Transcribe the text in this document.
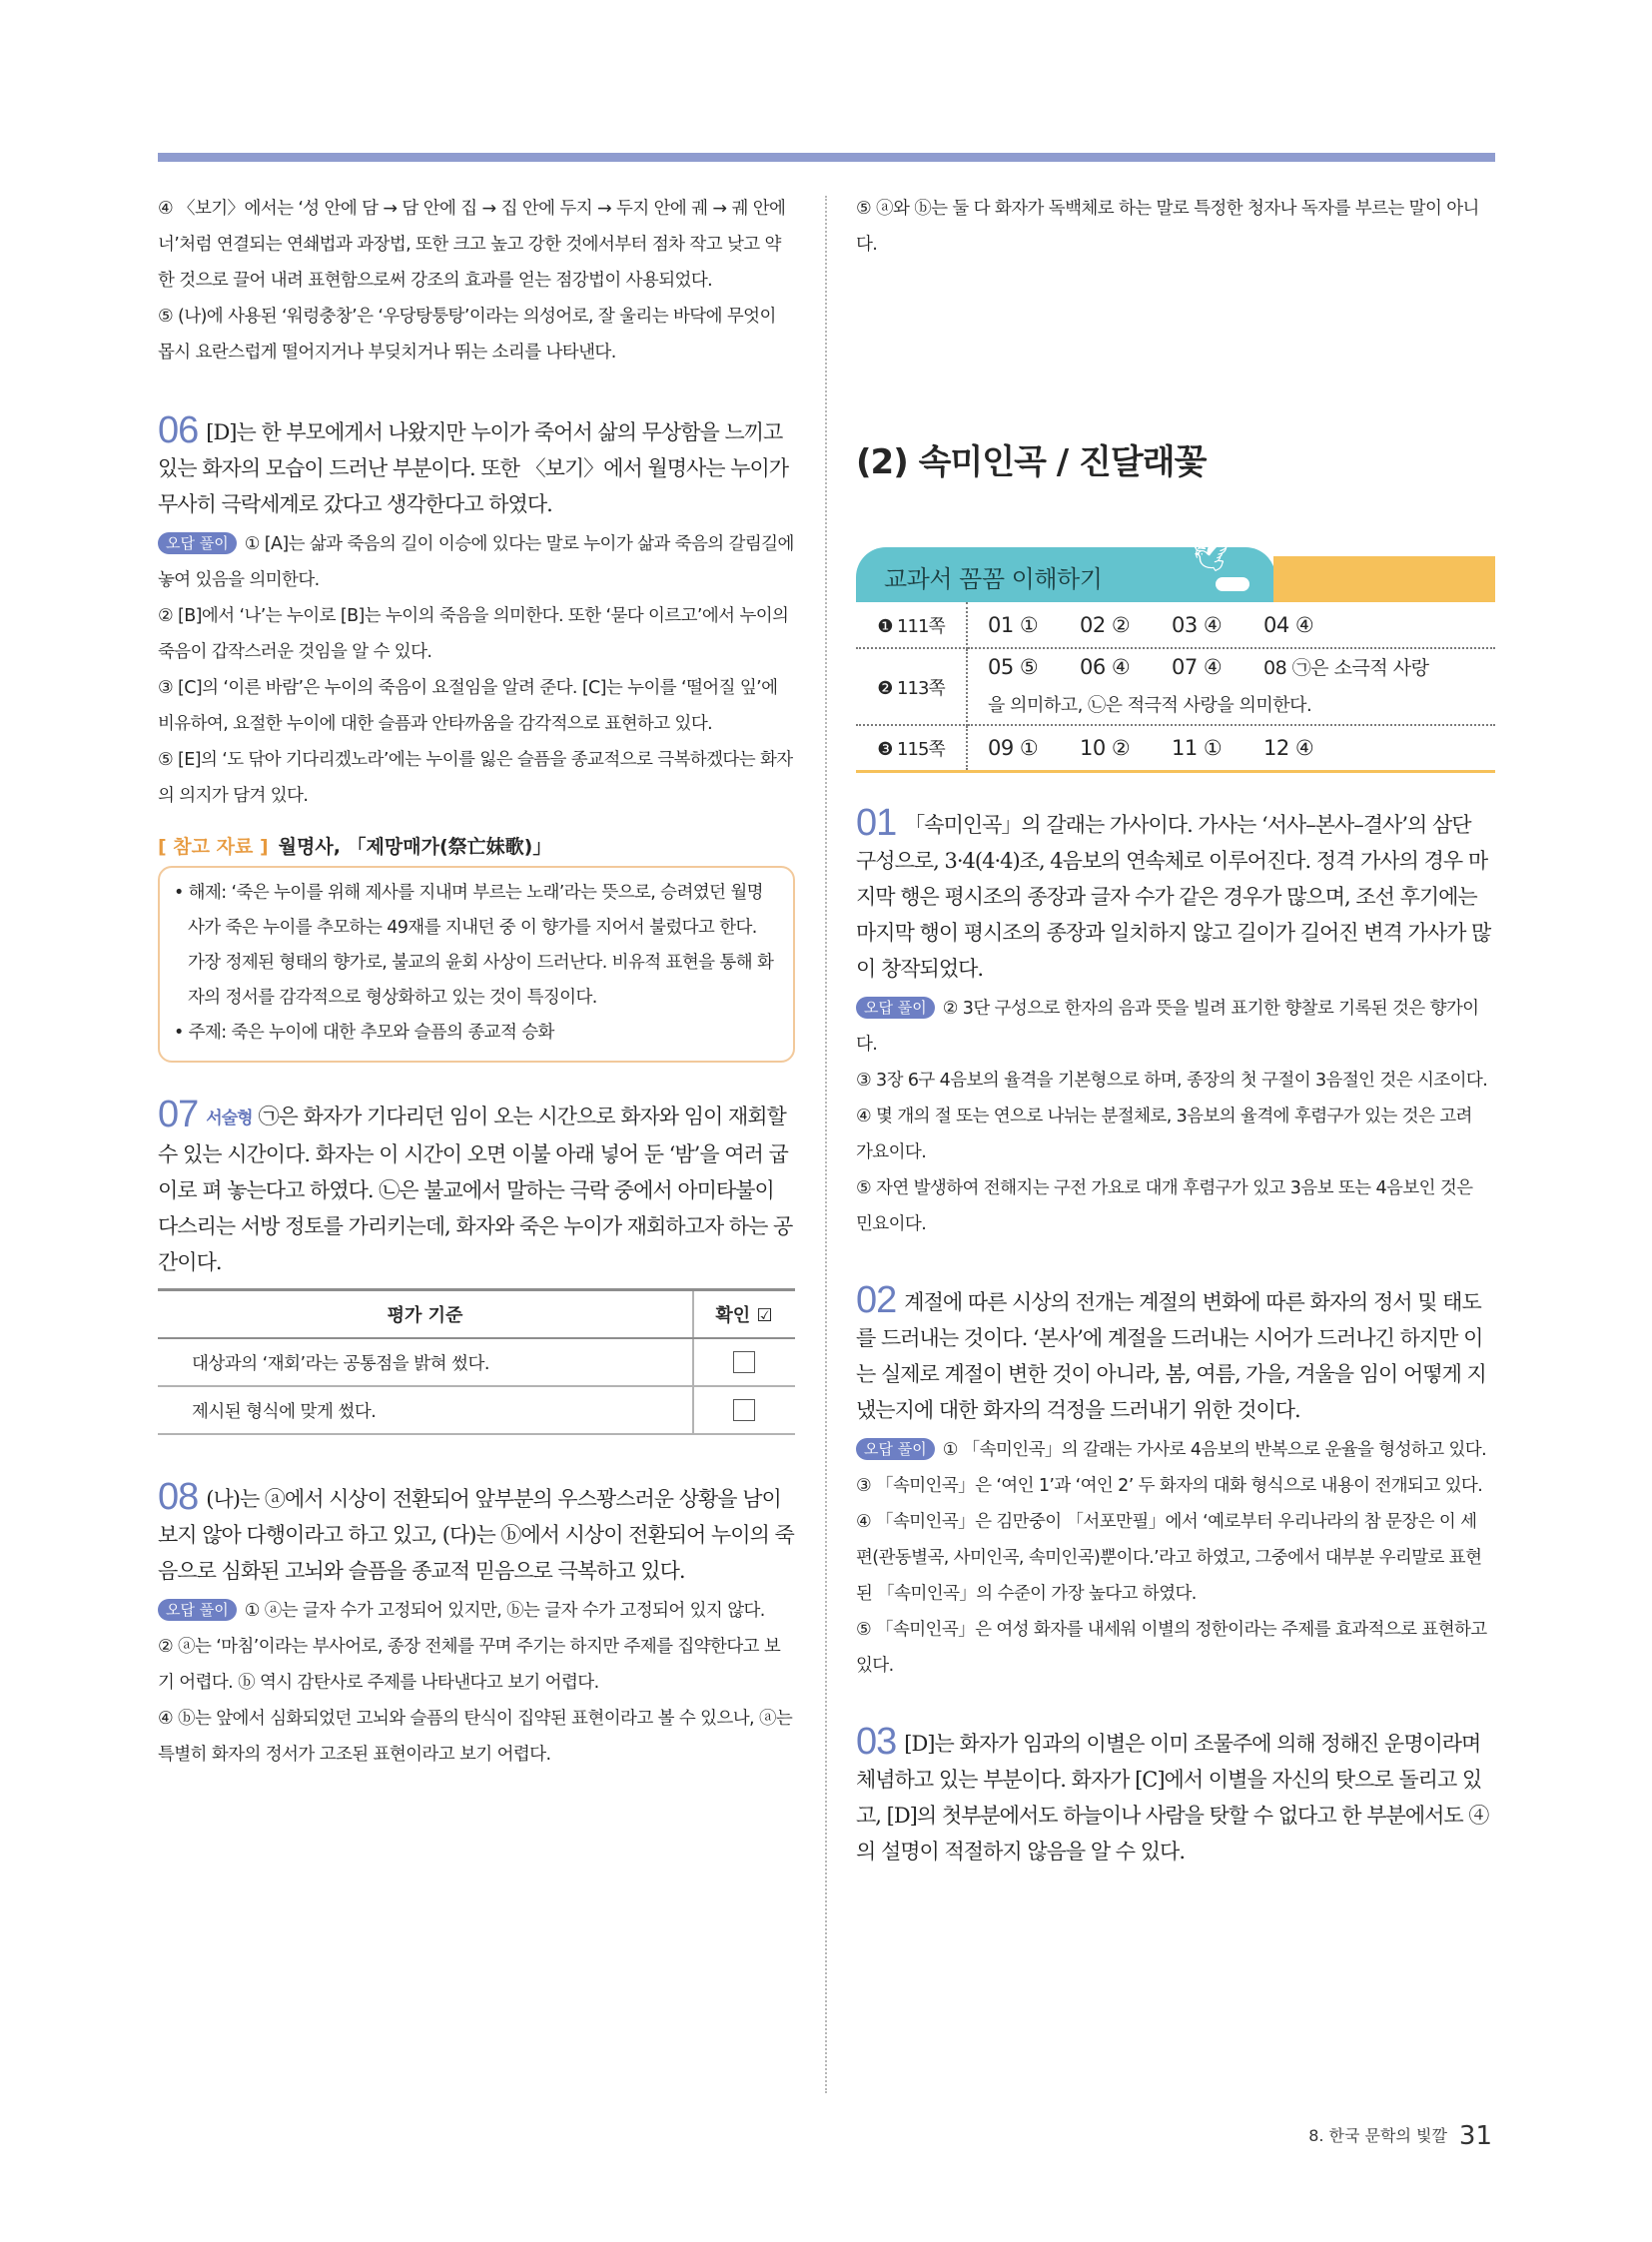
④ 〈보기〉에서는 ‘성 안에 담 → 담 안에 집 → 집 안에 두지 → 두지 안에 궤 → 궤 안에 너’처럼 연결되는 연쇄법과 과장법, 또한 크고 높고 강한 것에서부터 점차 작고 낮고 약한 것으로 끌어 내려 표현함으로써 강조의 효과를 얻는 점강법이 사용되었다.

⑤ (나)에 사용된 ‘워렁충창’은 ‘우당탕퉁탕’이라는 의성어로, 잘 울리는 바닥에 무엇이 몹시 요란스럽게 떨어지거나 부딪치거나 뛰는 소리를 나타낸다.

06 [D]는 한 부모에게서 나왔지만 누이가 죽어서 삶의 무상함을 느끼고 있는 화자의 모습이 드러난 부분이다. 또한 〈보기〉에서 월명사는 누이가 무사히 극락세계로 갔다고 생각한다고 하였다.

오답 풀이 ① [A]는 삶과 죽음의 길이 이승에 있다는 말로 누이가 삶과 죽음의 갈림길에 놓여 있음을 의미한다.

② [B]에서 ‘나’는 누이로 [B]는 누이의 죽음을 의미한다. 또한 ‘묻다 이르고’에서 누이의 죽음이 갑작스러운 것임을 알 수 있다.

③ [C]의 ‘이른 바람’은 누이의 죽음이 요절임을 알려 준다. [C]는 누이를 ‘떨어질 잎’에 비유하여, 요절한 누이에 대한 슬픔과 안타까움을 감각적으로 표현하고 있다.

⑤ [E]의 ‘도 닦아 기다리겠노라’에는 누이를 잃은 슬픔을 종교적으로 극복하겠다는 화자의 의지가 담겨 있다.

[ 참고 자료 ] 월명사, 「제망매가(祭亡妹歌)」

• 해제: ‘죽은 누이를 위해 제사를 지내며 부르는 노래’라는 뜻으로, 승려였던 월명사가 죽은 누이를 추모하는 49재를 지내던 중 이 향가를 지어서 불렀다고 한다. 가장 정제된 형태의 향가로, 불교의 윤회 사상이 드러난다. 비유적 표현을 통해 화자의 정서를 감각적으로 형상화하고 있는 것이 특징이다.

• 주제: 죽은 누이에 대한 추모와 슬픔의 종교적 승화

07 서술형 ㉠은 화자가 기다리던 임이 오는 시간으로 화자와 임이 재회할 수 있는 시간이다. 화자는 이 시간이 오면 이불 아래 넣어 둔 ‘밤’을 여러 굽이로 펴 놓는다고 하였다. ㉡은 불교에서 말하는 극락 중에서 아미타불이 다스리는 서방 정토를 가리키는데, 화자와 죽은 누이가 재회하고자 하는 공간이다.

평가 기준	확인 ☑
대상과의 ‘재회’라는 공통점을 밝혀 썼다.	
제시된 형식에 맞게 썼다.	

08 (나)는 ⓐ에서 시상이 전환되어 앞부분의 우스꽝스러운 상황을 남이 보지 않아 다행이라고 하고 있고, (다)는 ⓑ에서 시상이 전환되어 누이의 죽음으로 심화된 고뇌와 슬픔을 종교적 믿음으로 극복하고 있다.

오답 풀이 ① ⓐ는 글자 수가 고정되어 있지만, ⓑ는 글자 수가 고정되어 있지 않다.

② ⓐ는 ‘마침’이라는 부사어로, 종장 전체를 꾸며 주기는 하지만 주제를 집약한다고 보기 어렵다. ⓑ 역시 감탄사로 주제를 나타낸다고 보기 어렵다.

④ ⓑ는 앞에서 심화되었던 고뇌와 슬픔의 탄식이 집약된 표현이라고 볼 수 있으나, ⓐ는 특별히 화자의 정서가 고조된 표현이라고 보기 어렵다.

⑤ ⓐ와 ⓑ는 둘 다 화자가 독백체로 하는 말로 특정한 청자나 독자를 부르는 말이 아니다.

(2) 속미인곡 / 진달래꽃

교과서 꼼꼼 이해하기
🕊
❶ 111쪽	01 ① 02 ② 03 ④ 04 ④
❷ 113쪽	05 ⑤ 06 ④ 07 ④ 08 ㉠은 소극적 사랑
을 의미하고, ㉡은 적극적 사랑을 의미한다.
❸ 115쪽	09 ① 10 ② 11 ① 12 ④

01 「속미인곡」의 갈래는 가사이다. 가사는 ‘서사–본사–결사’의 삼단 구성으로, 3·4(4·4)조, 4음보의 연속체로 이루어진다. 정격 가사의 경우 마지막 행은 평시조의 종장과 글자 수가 같은 경우가 많으며, 조선 후기에는 마지막 행이 평시조의 종장과 일치하지 않고 길이가 길어진 변격 가사가 많이 창작되었다.

오답 풀이 ② 3단 구성으로 한자의 음과 뜻을 빌려 표기한 향찰로 기록된 것은 향가이다.

③ 3장 6구 4음보의 율격을 기본형으로 하며, 종장의 첫 구절이 3음절인 것은 시조이다.

④ 몇 개의 절 또는 연으로 나뉘는 분절체로, 3음보의 율격에 후렴구가 있는 것은 고려 가요이다.

⑤ 자연 발생하여 전해지는 구전 가요로 대개 후렴구가 있고 3음보 또는 4음보인 것은 민요이다.

02 계절에 따른 시상의 전개는 계절의 변화에 따른 화자의 정서 및 태도를 드러내는 것이다. ‘본사’에 계절을 드러내는 시어가 드러나긴 하지만 이는 실제로 계절이 변한 것이 아니라, 봄, 여름, 가을, 겨울을 임이 어떻게 지냈는지에 대한 화자의 걱정을 드러내기 위한 것이다.

오답 풀이 ① 「속미인곡」의 갈래는 가사로 4음보의 반복으로 운율을 형성하고 있다.

③ 「속미인곡」은 ‘여인 1’과 ‘여인 2’ 두 화자의 대화 형식으로 내용이 전개되고 있다.

④ 「속미인곡」은 김만중이 「서포만필」에서 ‘예로부터 우리나라의 참 문장은 이 세 편(관동별곡, 사미인곡, 속미인곡)뿐이다.’라고 하였고, 그중에서 대부분 우리말로 표현된 「속미인곡」의 수준이 가장 높다고 하였다.

⑤ 「속미인곡」은 여성 화자를 내세워 이별의 정한이라는 주제를 효과적으로 표현하고 있다.

03 [D]는 화자가 임과의 이별은 이미 조물주에 의해 정해진 운명이라며 체념하고 있는 부분이다. 화자가 [C]에서 이별을 자신의 탓으로 돌리고 있고, [D]의 첫부분에서도 하늘이나 사람을 탓할 수 없다고 한 부분에서도 ④의 설명이 적절하지 않음을 알 수 있다.

8. 한국 문학의 빛깔 31
